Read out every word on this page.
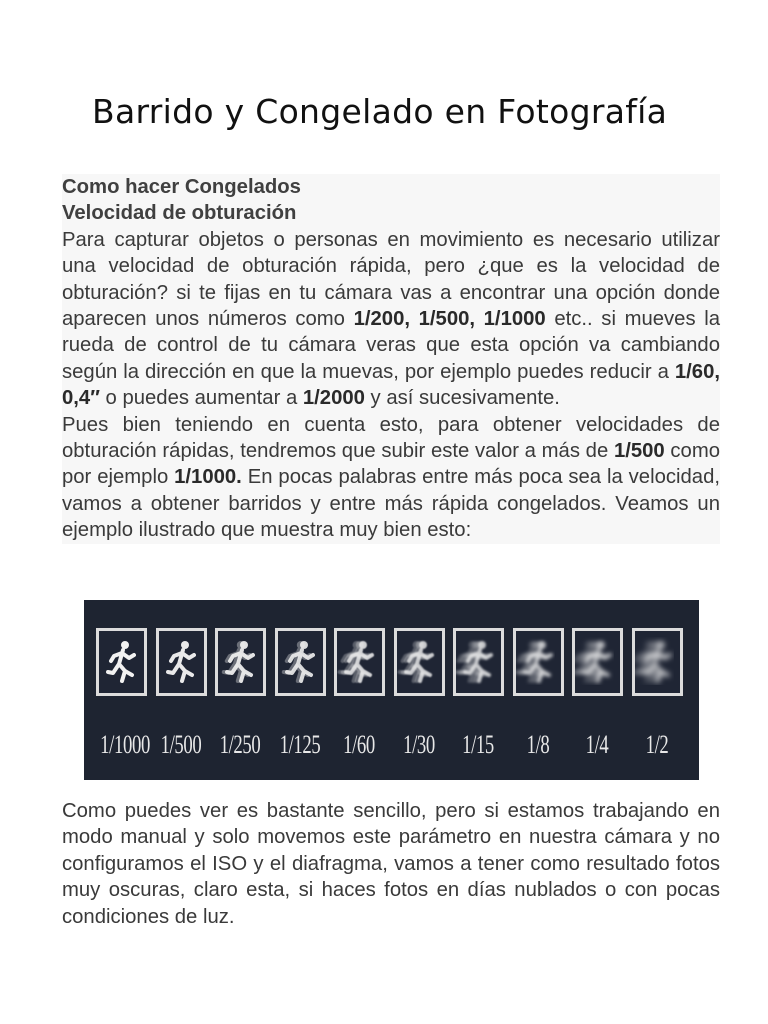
Barrido y Congelado en Fotografía
Como hacer Congelados
Velocidad de obturación

Para capturar objetos o personas en movimiento es necesario utilizar una velocidad de obturación rápida, pero ¿que es la velocidad de obturación? si te fijas en tu cámara vas a encontrar una opción donde aparecen unos números como 1/200, 1/500, 1/1000 etc.. si mueves la rueda de control de tu cámara veras que esta opción va cambiando según la dirección en que la muevas, por ejemplo puedes reducir a 1/60, 0,4″ o puedes aumentar a 1/2000 y así sucesivamente.

Pues bien teniendo en cuenta esto, para obtener velocidades de obturación rápidas, tendremos que subir este valor a más de 1/500 como por ejemplo 1/1000. En pocas palabras entre más poca sea la velocidad, vamos a obtener barridos y entre más rápida congelados. Veamos un ejemplo ilustrado que muestra muy bien esto:

1/1000 1/500 1/250 1/125 1/60 1/30 1/15	1/8	1/4	1/2

Como puedes ver es bastante sencillo, pero si estamos trabajando en modo manual y solo movemos este parámetro en nuestra cámara y no configuramos el ISO y el diafragma, vamos a tener como resultado fotos muy oscuras, claro esta, si haces fotos en días nublados o con pocas condiciones de luz.
